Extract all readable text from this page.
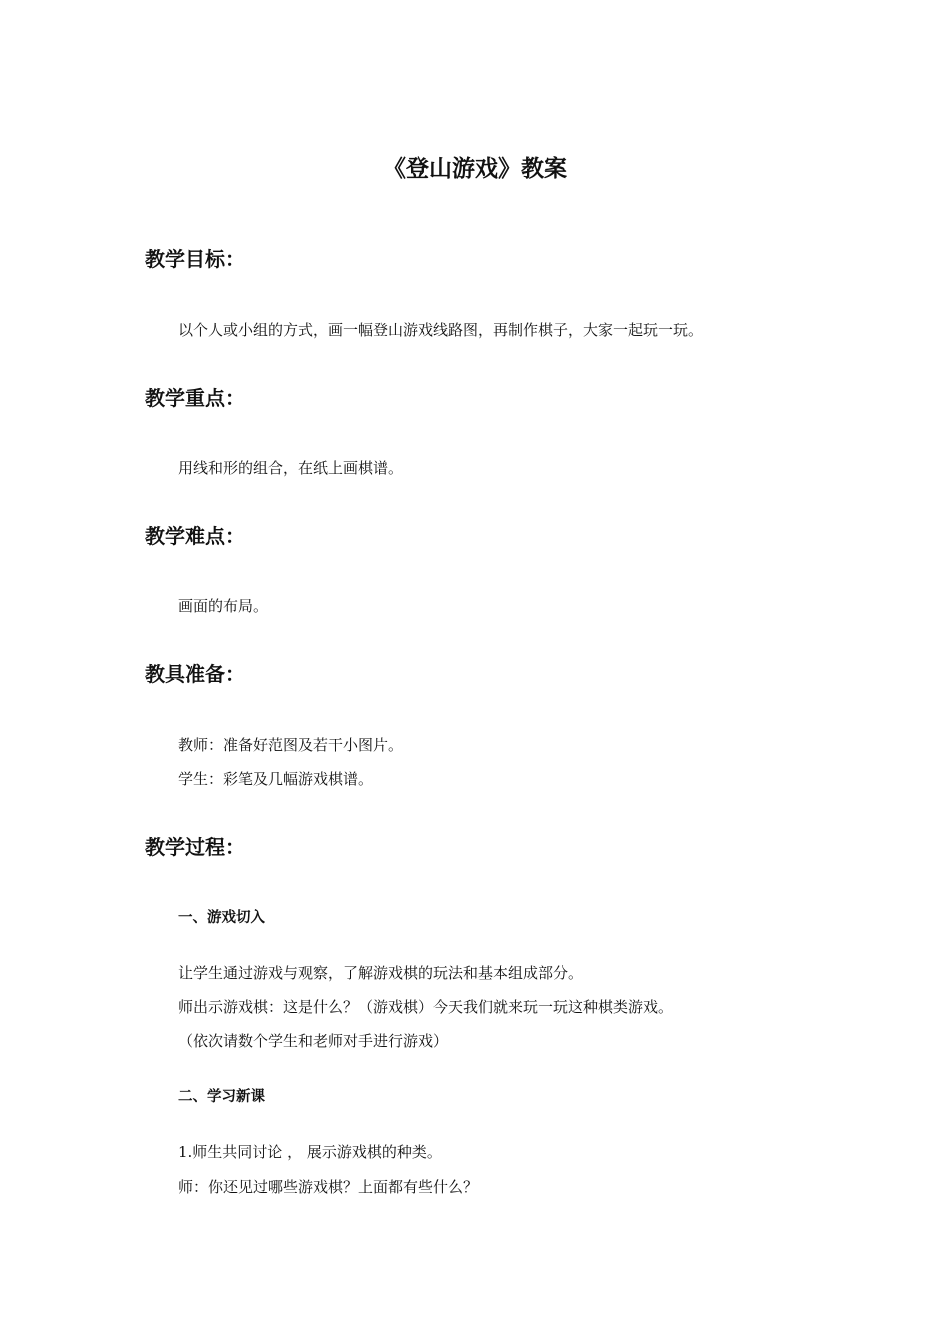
《登山游戏》教案
教学目标：
以个人或小组的方式，画一幅登山游戏线路图，再制作棋子，大家一起玩一玩。
教学重点：
用线和形的组合，在纸上画棋谱。
教学难点：
画面的布局。
教具准备：
教师：准备好范图及若干小图片。
学生：彩笔及几幅游戏棋谱。
教学过程：
一、游戏切入
让学生通过游戏与观察，了解游戏棋的玩法和基本组成部分。
师出示游戏棋：这是什么？（游戏棋）今天我们就来玩一玩这种棋类游戏。
（依次请数个学生和老师对手进行游戏）
二、学习新课
1.师生共同讨论 ， 展示游戏棋的种类。
师：你还见过哪些游戏棋？上面都有些什么？
